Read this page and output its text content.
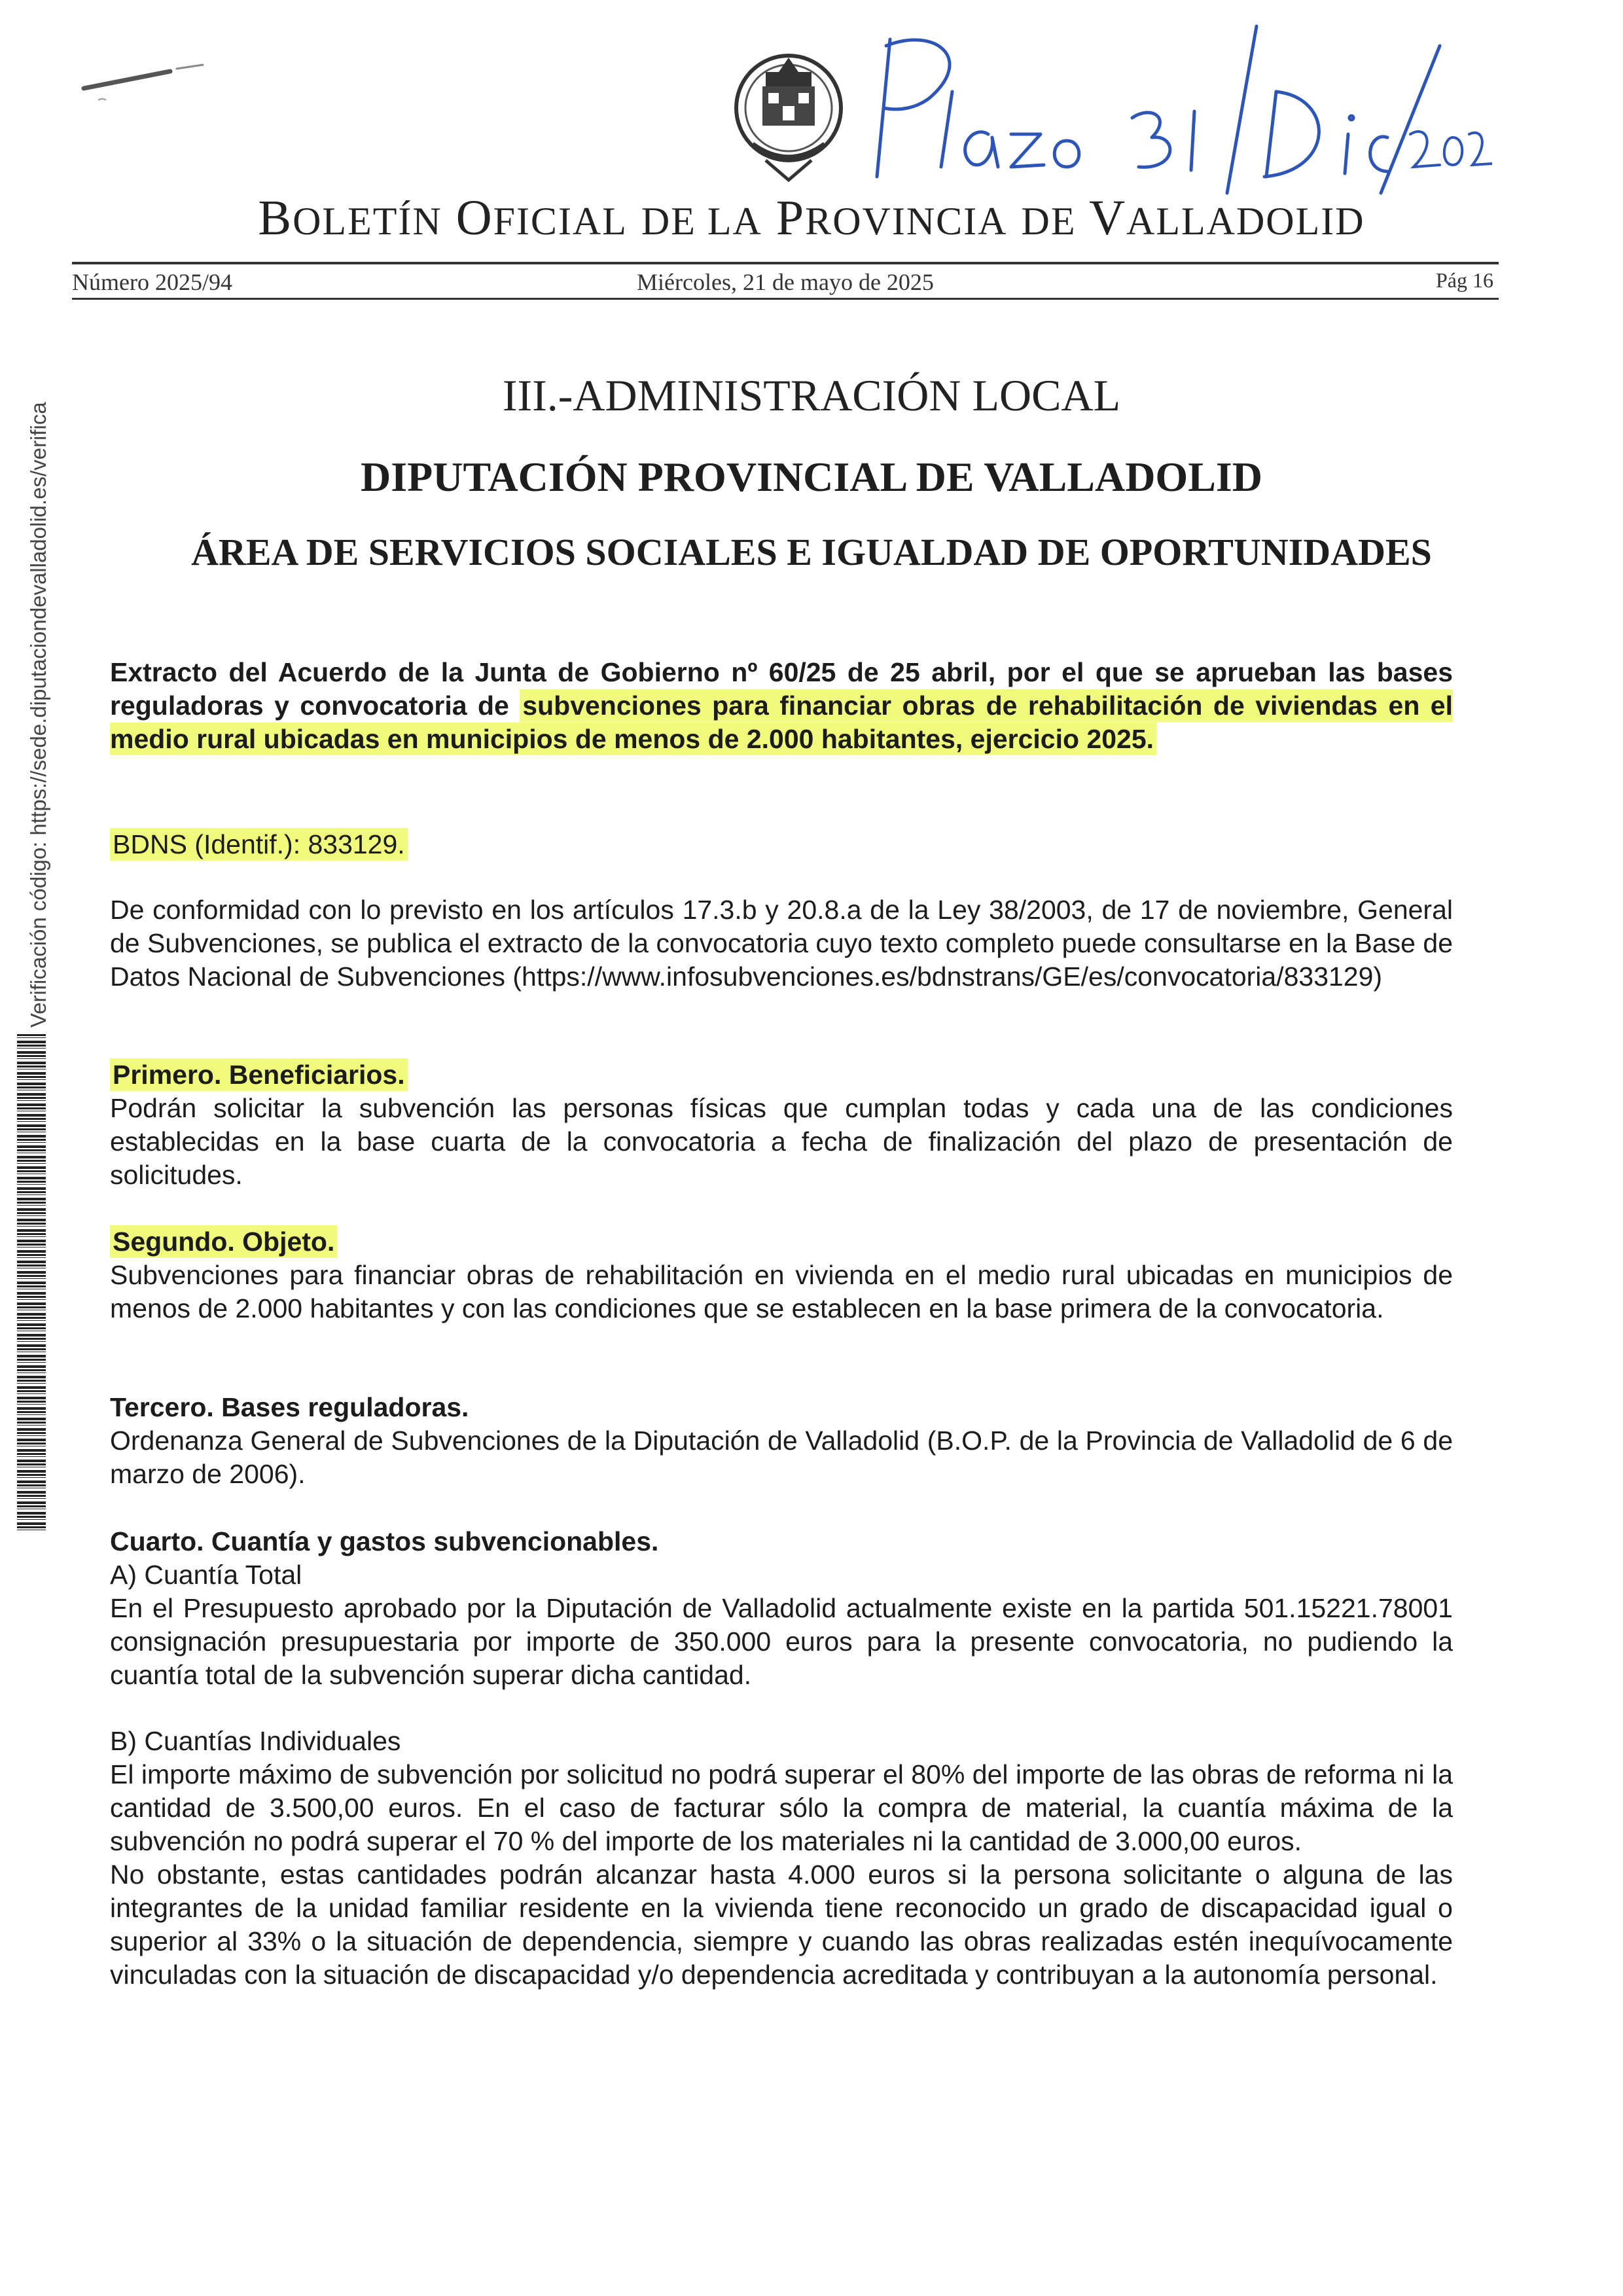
BOLETÍN OFICIAL DE LA PROVINCIA DE VALLADOLID
Número 2025/94	Miércoles, 21 de mayo de 2025	Pág 16
Verificación código: https://sede.diputaciondevalladolid.es/verifica
III.-ADMINISTRACIÓN LOCAL
DIPUTACIÓN PROVINCIAL DE VALLADOLID
ÁREA DE SERVICIOS SOCIALES E IGUALDAD DE OPORTUNIDADES
Extracto del Acuerdo de la Junta de Gobierno nº 60/25 de 25 abril, por el que se aprueban las bases reguladoras y convocatoria de subvenciones para financiar obras de rehabilitación de viviendas en el medio rural ubicadas en municipios de menos de 2.000 habitantes, ejercicio 2025.
BDNS (Identif.): 833129.
De conformidad con lo previsto en los artículos 17.3.b y 20.8.a de la Ley 38/2003, de 17 de noviembre, General de Subvenciones, se publica el extracto de la convocatoria cuyo texto completo puede consultarse en la Base de Datos Nacional de Subvenciones (https://www.infosubvenciones.es/bdnstrans/GE/es/convocatoria/833129)
Primero. Beneficiarios.
Podrán solicitar la subvención las personas físicas que cumplan todas y cada una de las condiciones establecidas en la base cuarta de la convocatoria a fecha de finalización del plazo de presentación de solicitudes.
Segundo. Objeto.
Subvenciones para financiar obras de rehabilitación en vivienda en el medio rural ubicadas en municipios de menos de 2.000 habitantes y con las condiciones que se establecen en la base primera de la convocatoria.
Tercero. Bases reguladoras.
Ordenanza General de Subvenciones de la Diputación de Valladolid (B.O.P. de la Provincia de Valladolid de 6 de marzo de 2006).
Cuarto. Cuantía y gastos subvencionables.
A) Cuantía Total
En el Presupuesto aprobado por la Diputación de Valladolid actualmente existe en la partida 501.15221.78001 consignación presupuestaria por importe de 350.000 euros para la presente convocatoria, no pudiendo la cuantía total de la subvención superar dicha cantidad.
B) Cuantías Individuales
El importe máximo de subvención por solicitud no podrá superar el 80% del importe de las obras de reforma ni la cantidad de 3.500,00 euros. En el caso de facturar sólo la compra de material, la cuantía máxima de la subvención no podrá superar el 70 % del importe de los materiales ni la cantidad de 3.000,00 euros.
No obstante, estas cantidades podrán alcanzar hasta 4.000 euros si la persona solicitante o alguna de las integrantes de la unidad familiar residente en la vivienda tiene reconocido un grado de discapacidad igual o superior al 33% o la situación de dependencia, siempre y cuando las obras realizadas estén inequívocamente vinculadas con la situación de discapacidad y/o dependencia acreditada y contribuyan a la autonomía personal.
